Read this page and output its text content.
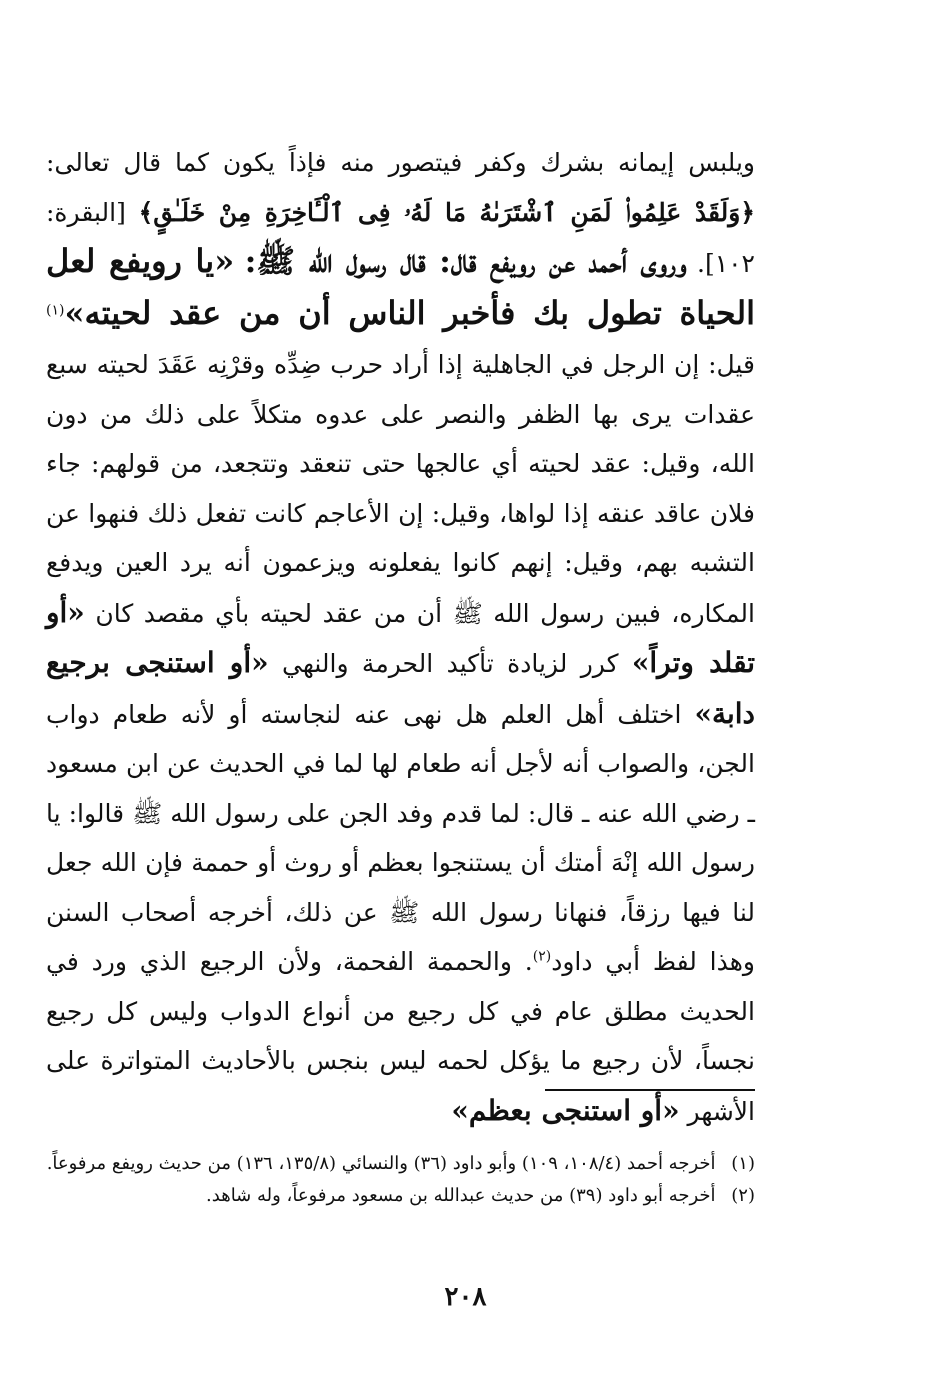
ويلبس إيمانه بشرك وكفر فيتصور منه فإذاً يكون كما قال تعالى: ﴿وَلَقَدْ عَلِمُوا۟ لَمَنِ ٱشْتَرَىٰهُ مَا لَهُۥ فِى ٱلْـَٔاخِرَةِ مِنْ خَلَـٰقٍ﴾ [البقرة: ١٠٢]. وروى أحمد عن رويفع قال: قال رسول الله ﷺ: «يا رويفع لعل الحياة تطول بك فأخبر الناس أن من عقد لحيته»$^{(١)}$ قيل: إن الرجل في الجاهلية إذا أراد حرب ضِدِّه وقرْنِه عَقَدَ لحيته سبع عقدات يرى بها الظفر والنصر على عدوه متكلاً على ذلك من دون الله، وقيل: عقد لحيته أي عالجها حتى تنعقد وتتجعد، من قولهم: جاء فلان عاقد عنقه إذا لواها، وقيل: إن الأعاجم كانت تفعل ذلك فنهوا عن التشبه بهم، وقيل: إنهم كانوا يفعلونه ويزعمون أنه يرد العين ويدفع المكاره، فبين رسول الله ﷺ أن من عقد لحيته بأي مقصد كان «أو تقلد وتراً» كرر لزيادة تأكيد الحرمة والنهي «أو استنجى برجيع دابة» اختلف أهل العلم هل نهى عنه لنجاسته أو لأنه طعام دواب الجن، والصواب أنه لأجل أنه طعام لها لما في الحديث عن ابن مسعود ـ رضي الله عنه ـ قال: لما قدم وفد الجن على رسول الله ﷺ قالوا: يا رسول الله إنْهَ أمتك أن يستنجوا بعظم أو روث أو حممة فإن الله جعل لنا فيها رزقاً، فنهانا رسول الله ﷺ عن ذلك، أخرجه أصحاب السنن وهذا لفظ أبي داود$^{(٢)}$. والحممة الفحمة، ولأن الرجيع الذي ورد في الحديث مطلق عام في كل رجيع من أنواع الدواب وليس كل رجيع نجساً، لأن رجيع ما يؤكل لحمه ليس بنجس بالأحاديث المتواترة على الأشهر «أو استنجى بعظم»

(١) أخرجه أحمد (١٠٨/٤، ١٠٩) وأبو داود (٣٦) والنسائي (١٣٥/٨، ١٣٦) من حديث رويفع مرفوعاً.

(٢) أخرجه أبو داود (٣٩) من حديث عبدالله بن مسعود مرفوعاً، وله شاهد.

٢٠٨
